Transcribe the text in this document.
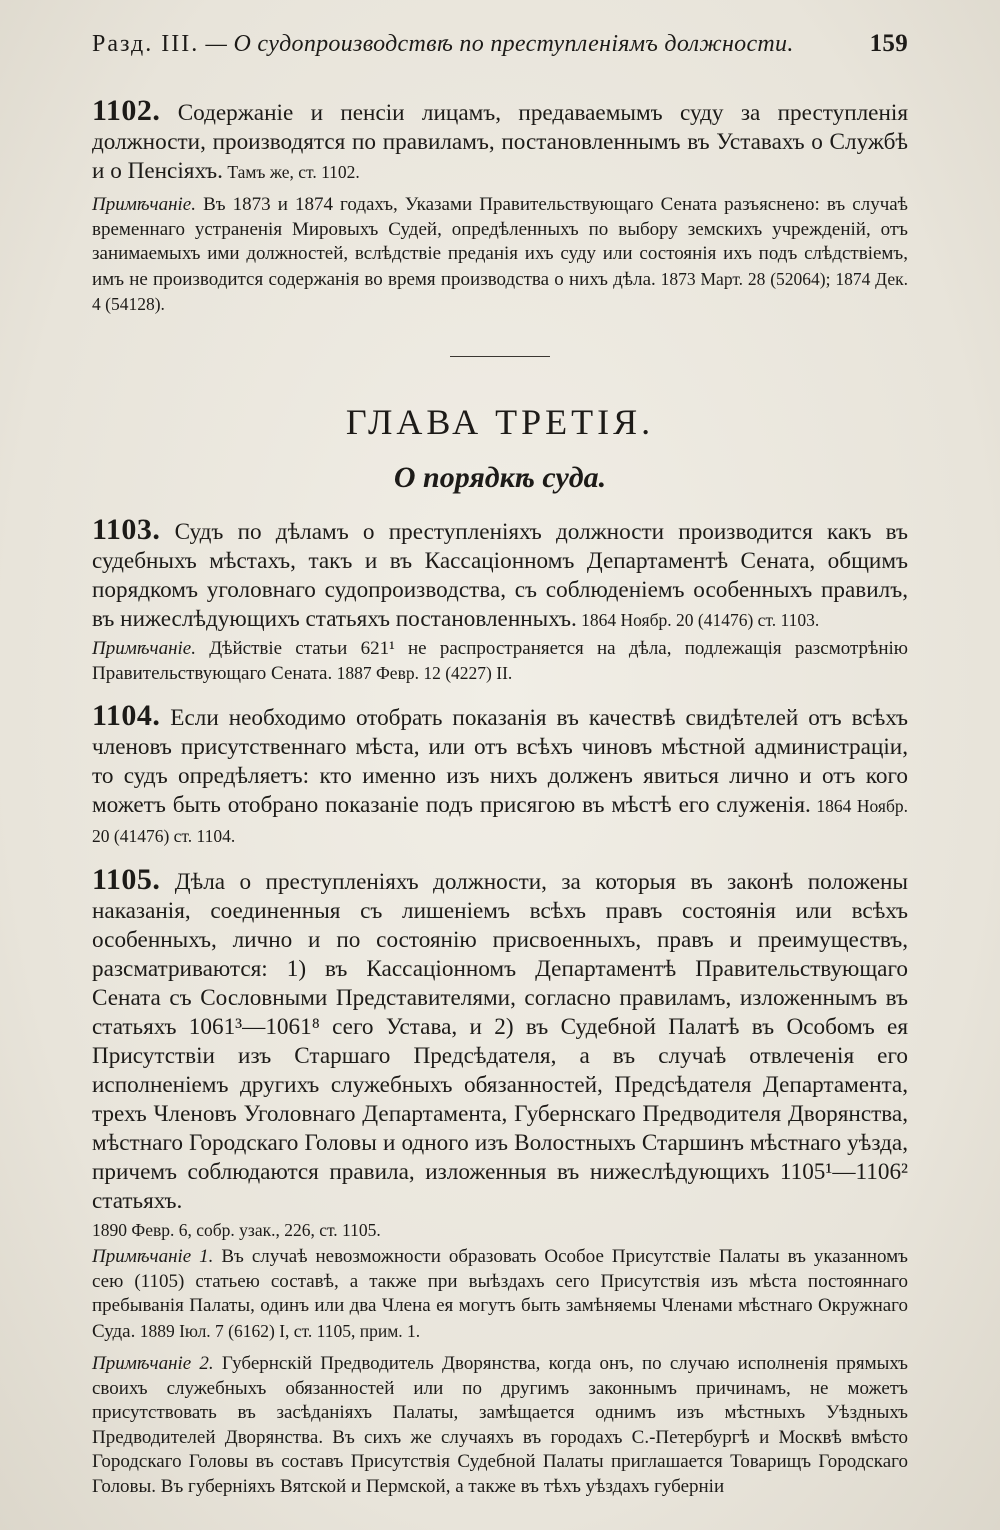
Разд. III. — О судопроизводствѣ по преступленіямъ должности.	159

1102. Содержаніе и пенсіи лицамъ, предаваемымъ суду за преступленія должности, производятся по правиламъ, постановленнымъ въ Уставахъ о Службѣ и о Пенсіяхъ. Тамъ же, ст. 1102.

Примѣчаніе. Въ 1873 и 1874 годахъ, Указами Правительствующаго Сената разъяснено: въ случаѣ временнаго устраненія Мировыхъ Судей, опредѣленныхъ по выбору земскихъ учрежденій, отъ занимаемыхъ ими должностей, вслѣдствіе преданія ихъ суду или состоянія ихъ подъ слѣдствіемъ, имъ не производится содержанія во время производства о нихъ дѣла. 1873 Март. 28 (52064); 1874 Дек. 4 (54128).

ГЛАВА ТРЕТІЯ.
О порядкѣ суда.

1103. Судъ по дѣламъ о преступленіяхъ должности производится какъ въ судебныхъ мѣстахъ, такъ и въ Кассаціонномъ Департаментѣ Сената, общимъ порядкомъ уголовнаго судопроизводства, съ соблюденіемъ особенныхъ правилъ, въ нижеслѣдующихъ статьяхъ постановленныхъ. 1864 Ноябр. 20 (41476) ст. 1103.

Примѣчаніе. Дѣйствіе статьи 621¹ не распространяется на дѣла, подлежащія разсмотрѣнію Правительствующаго Сената. 1887 Февр. 12 (4227) II.

1104. Если необходимо отобрать показанія въ качествѣ свидѣтелей отъ всѣхъ членовъ присутственнаго мѣста, или отъ всѣхъ чиновъ мѣстной администраціи, то судъ опредѣляетъ: кто именно изъ нихъ долженъ явиться лично и отъ кого можетъ быть отобрано показаніе подъ присягою въ мѣстѣ его служенія. 1864 Ноябр. 20 (41476) ст. 1104.

1105. Дѣла о преступленіяхъ должности, за которыя въ законѣ положены наказанія, соединенныя съ лишеніемъ всѣхъ правъ состоянія или всѣхъ особенныхъ, лично и по состоянію присвоенныхъ, правъ и преимуществъ, разсматриваются: 1) въ Кассаціонномъ Департаментѣ Правительствующаго Сената съ Сословными Представителями, согласно правиламъ, изложеннымъ въ статьяхъ 1061³—1061⁸ сего Устава, и 2) въ Судебной Палатѣ въ Особомъ ея Присутствіи изъ Старшаго Предсѣдателя, а въ случаѣ отвлеченія его исполненіемъ другихъ служебныхъ обязанностей, Предсѣдателя Департамента, трехъ Членовъ Уголовнаго Департамента, Губернскаго Предводителя Дворянства, мѣстнаго Городскаго Головы и одного изъ Волостныхъ Старшинъ мѣстнаго уѣзда, причемъ соблюдаются правила, изложенныя въ нижеслѣдующихъ 1105¹—1106² статьяхъ.

1890 Февр. 6, собр. узак., 226, ст. 1105.

Примѣчаніе 1. Въ случаѣ невозможности образовать Особое Присутствіе Палаты въ указанномъ сею (1105) статьею составѣ, а также при выѣздахъ сего Присутствія изъ мѣста постояннаго пребыванія Палаты, одинъ или два Члена ея могутъ быть замѣняемы Членами мѣстнаго Окружнаго Суда. 1889 Іюл. 7 (6162) I, ст. 1105, прим. 1.

Примѣчаніе 2. Губернскій Предводитель Дворянства, когда онъ, по случаю исполненія прямыхъ своихъ служебныхъ обязанностей или по другимъ законнымъ причинамъ, не можетъ присутствовать въ засѣданіяхъ Палаты, замѣщается однимъ изъ мѣстныхъ Уѣздныхъ Предводителей Дворянства. Въ сихъ же случаяхъ въ городахъ С.-Петербургѣ и Москвѣ вмѣсто Городскаго Головы въ составъ Присутствія Судебной Палаты приглашается Товарищъ Городскаго Головы. Въ губерніяхъ Вятской и Пермской, а также въ тѣхъ уѣздахъ губерніи
